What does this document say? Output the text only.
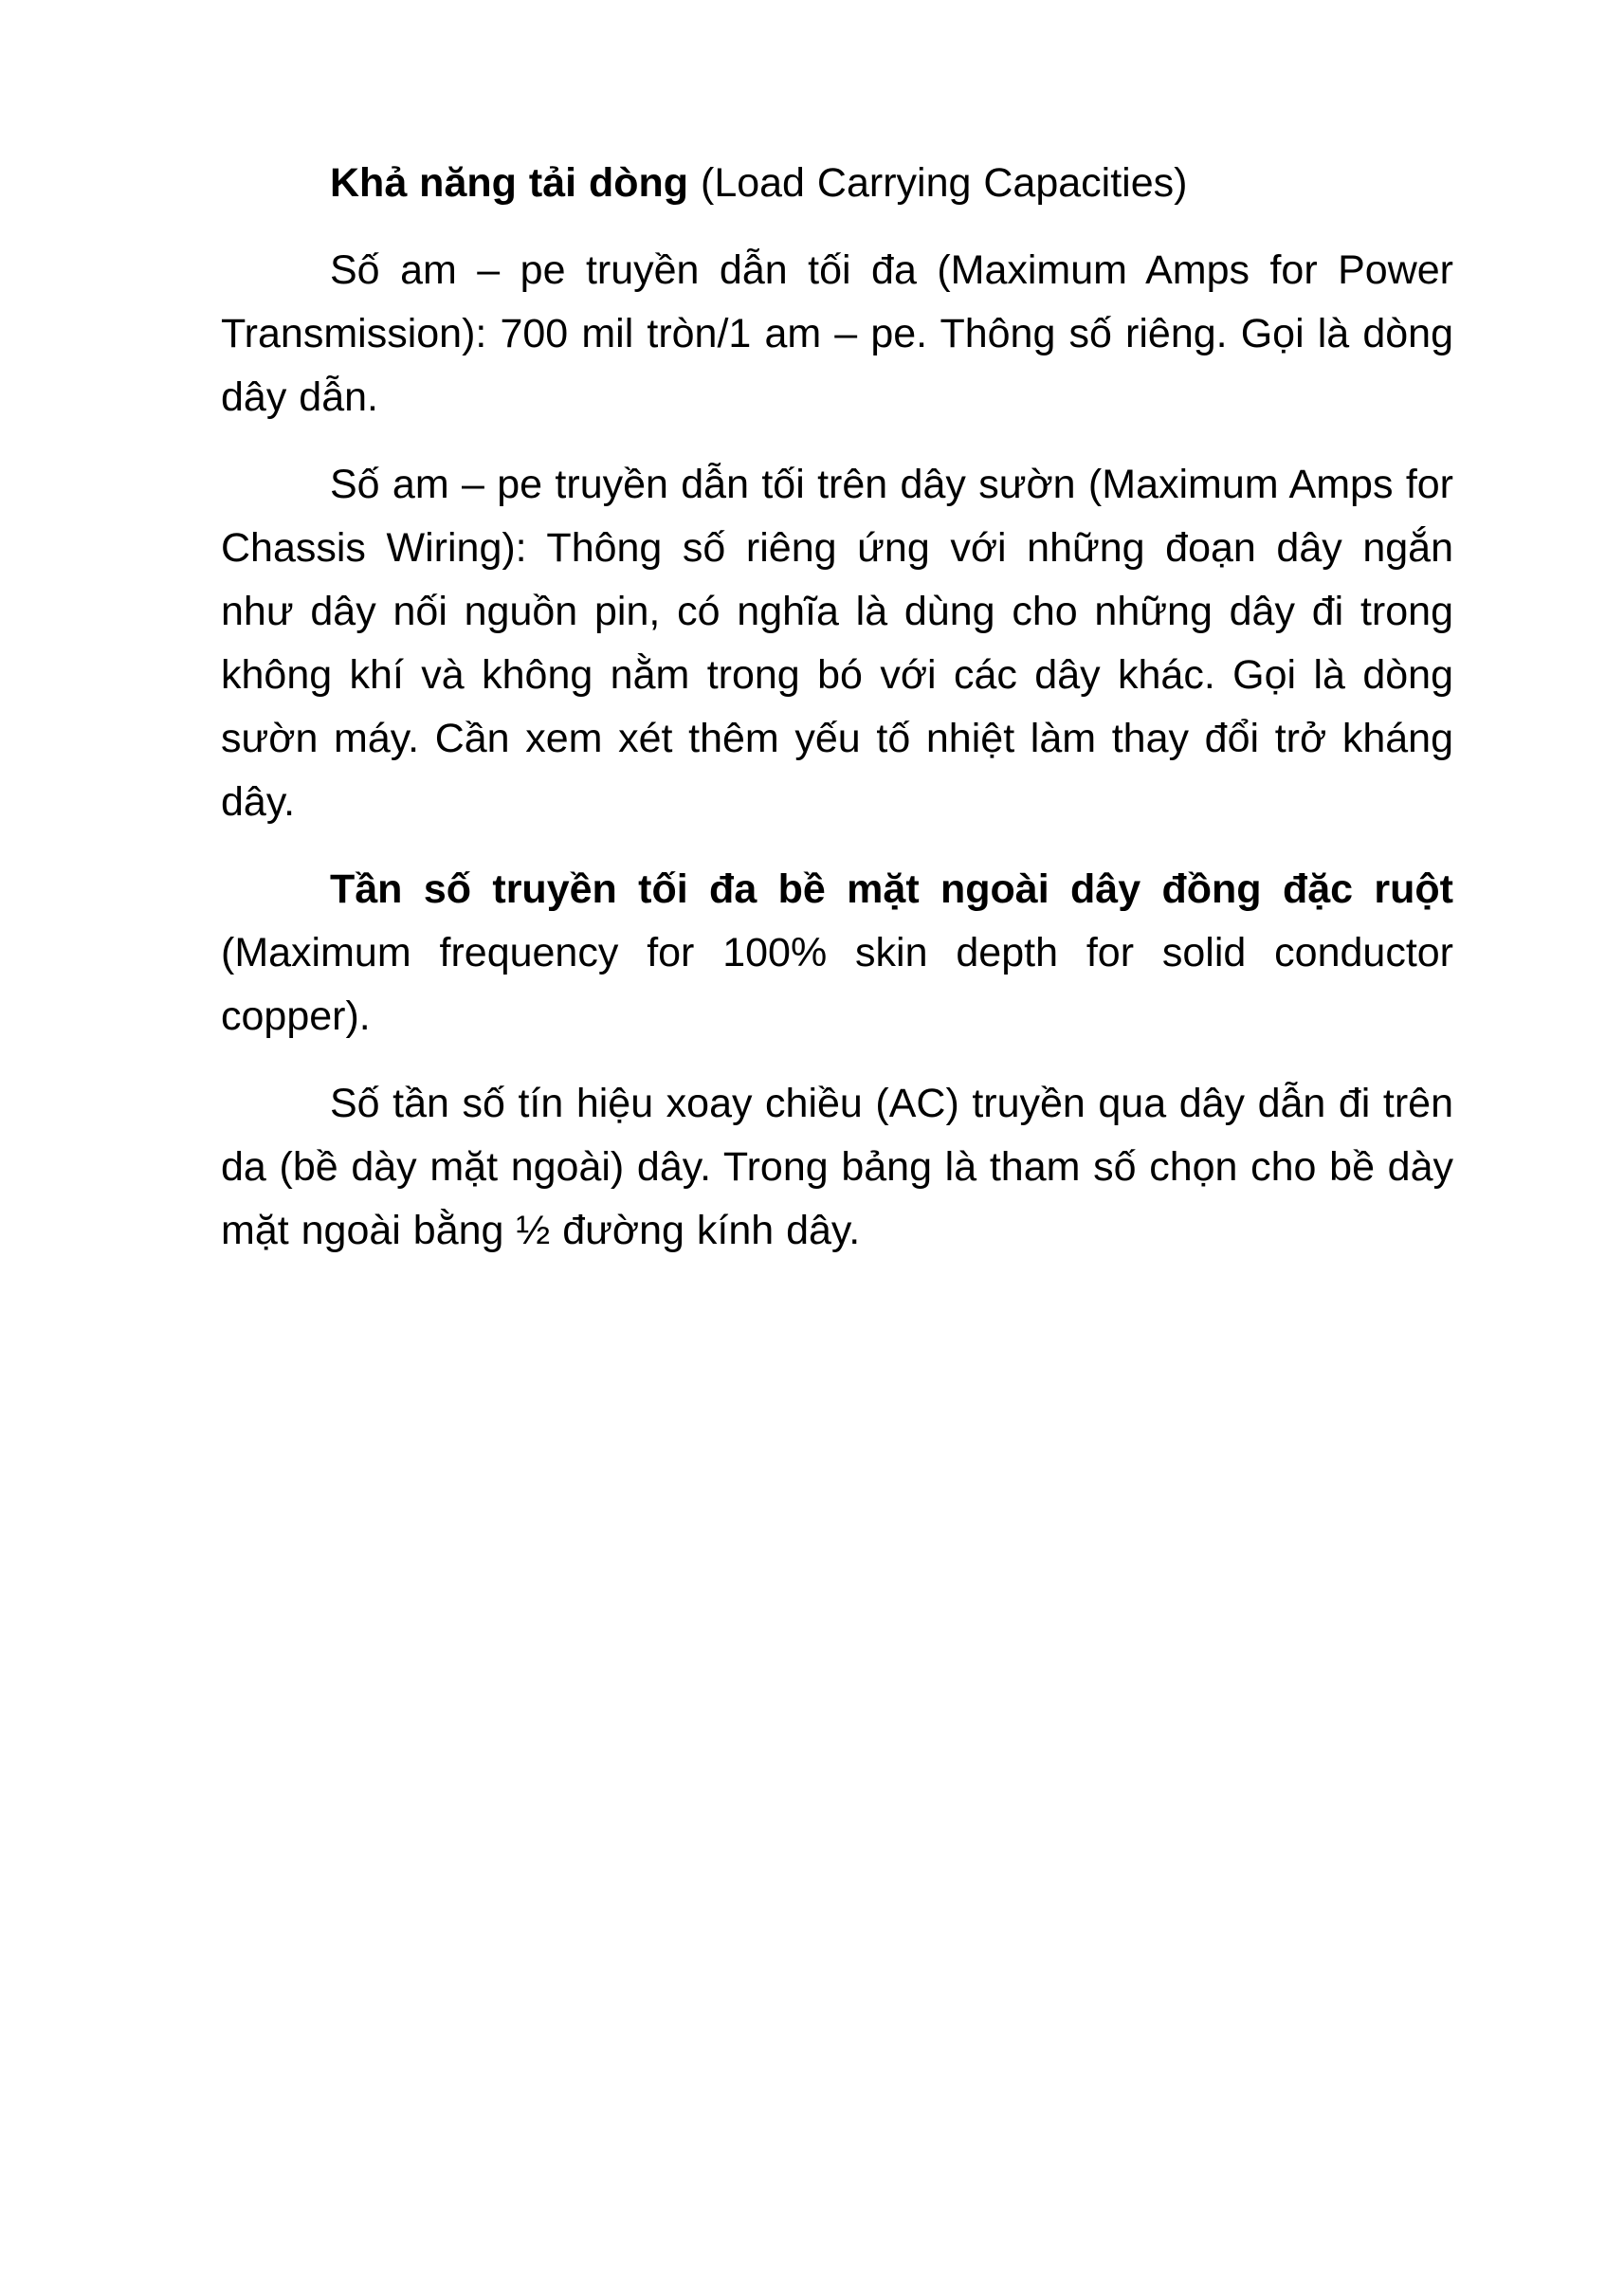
Khả năng tải dòng (Load Carrying Capacities)

Số am – pe truyền dẫn tối đa (Maximum Amps for Power Transmission): 700 mil tròn/1 am – pe. Thông số riêng. Gọi là dòng dây dẫn.

Số am – pe truyền dẫn tối trên dây sườn (Maximum Amps for Chassis Wiring): Thông số riêng ứng với những đoạn dây ngắn như dây nối nguồn pin, có nghĩa là dùng cho những dây đi trong không khí và không nằm trong bó với các dây khác. Gọi là dòng sườn máy. Cần xem xét thêm yếu tố nhiệt làm thay đổi trở kháng dây.

Tần số truyền tối đa bề mặt ngoài dây đồng đặc ruột (Maximum frequency for 100% skin depth for solid conductor copper).

Số tần số tín hiệu xoay chiều (AC) truyền qua dây dẫn đi trên da (bề dày mặt ngoài) dây. Trong bảng là tham số chọn cho bề dày mặt ngoài bằng ½ đường kính dây.
